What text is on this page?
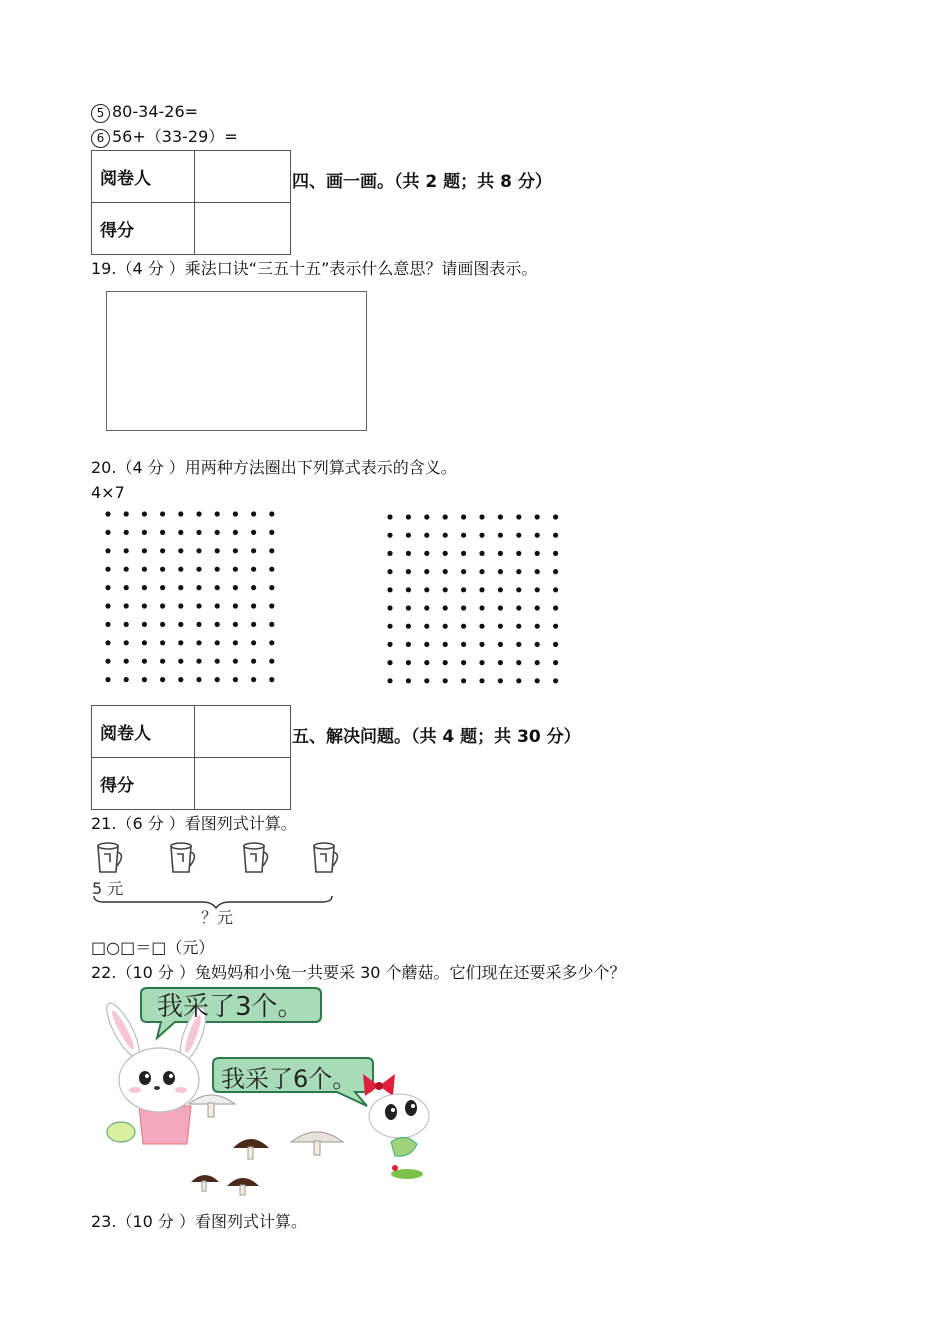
5 80-34-26=
6 56+（33-29）=
阅卷人	
得分	
四、画一画。（共 2 题；共 8 分）
19.（4 分 ）乘法口诀“三五十五”表示什么意思？请画图表示。
20.（4 分 ）用两种方法圈出下列算式表示的含义。
4×7
阅卷人	
得分	
五、解决问题。（共 4 题；共 30 分）
21.（6 分 ）看图列式计算。
5 元
？元
□○□＝□（元）
22.（10 分 ）兔妈妈和小兔一共要采 30 个蘑菇。它们现在还要采多少个？
我采了3个。
我采了6个。
23.（10 分 ）看图列式计算。
